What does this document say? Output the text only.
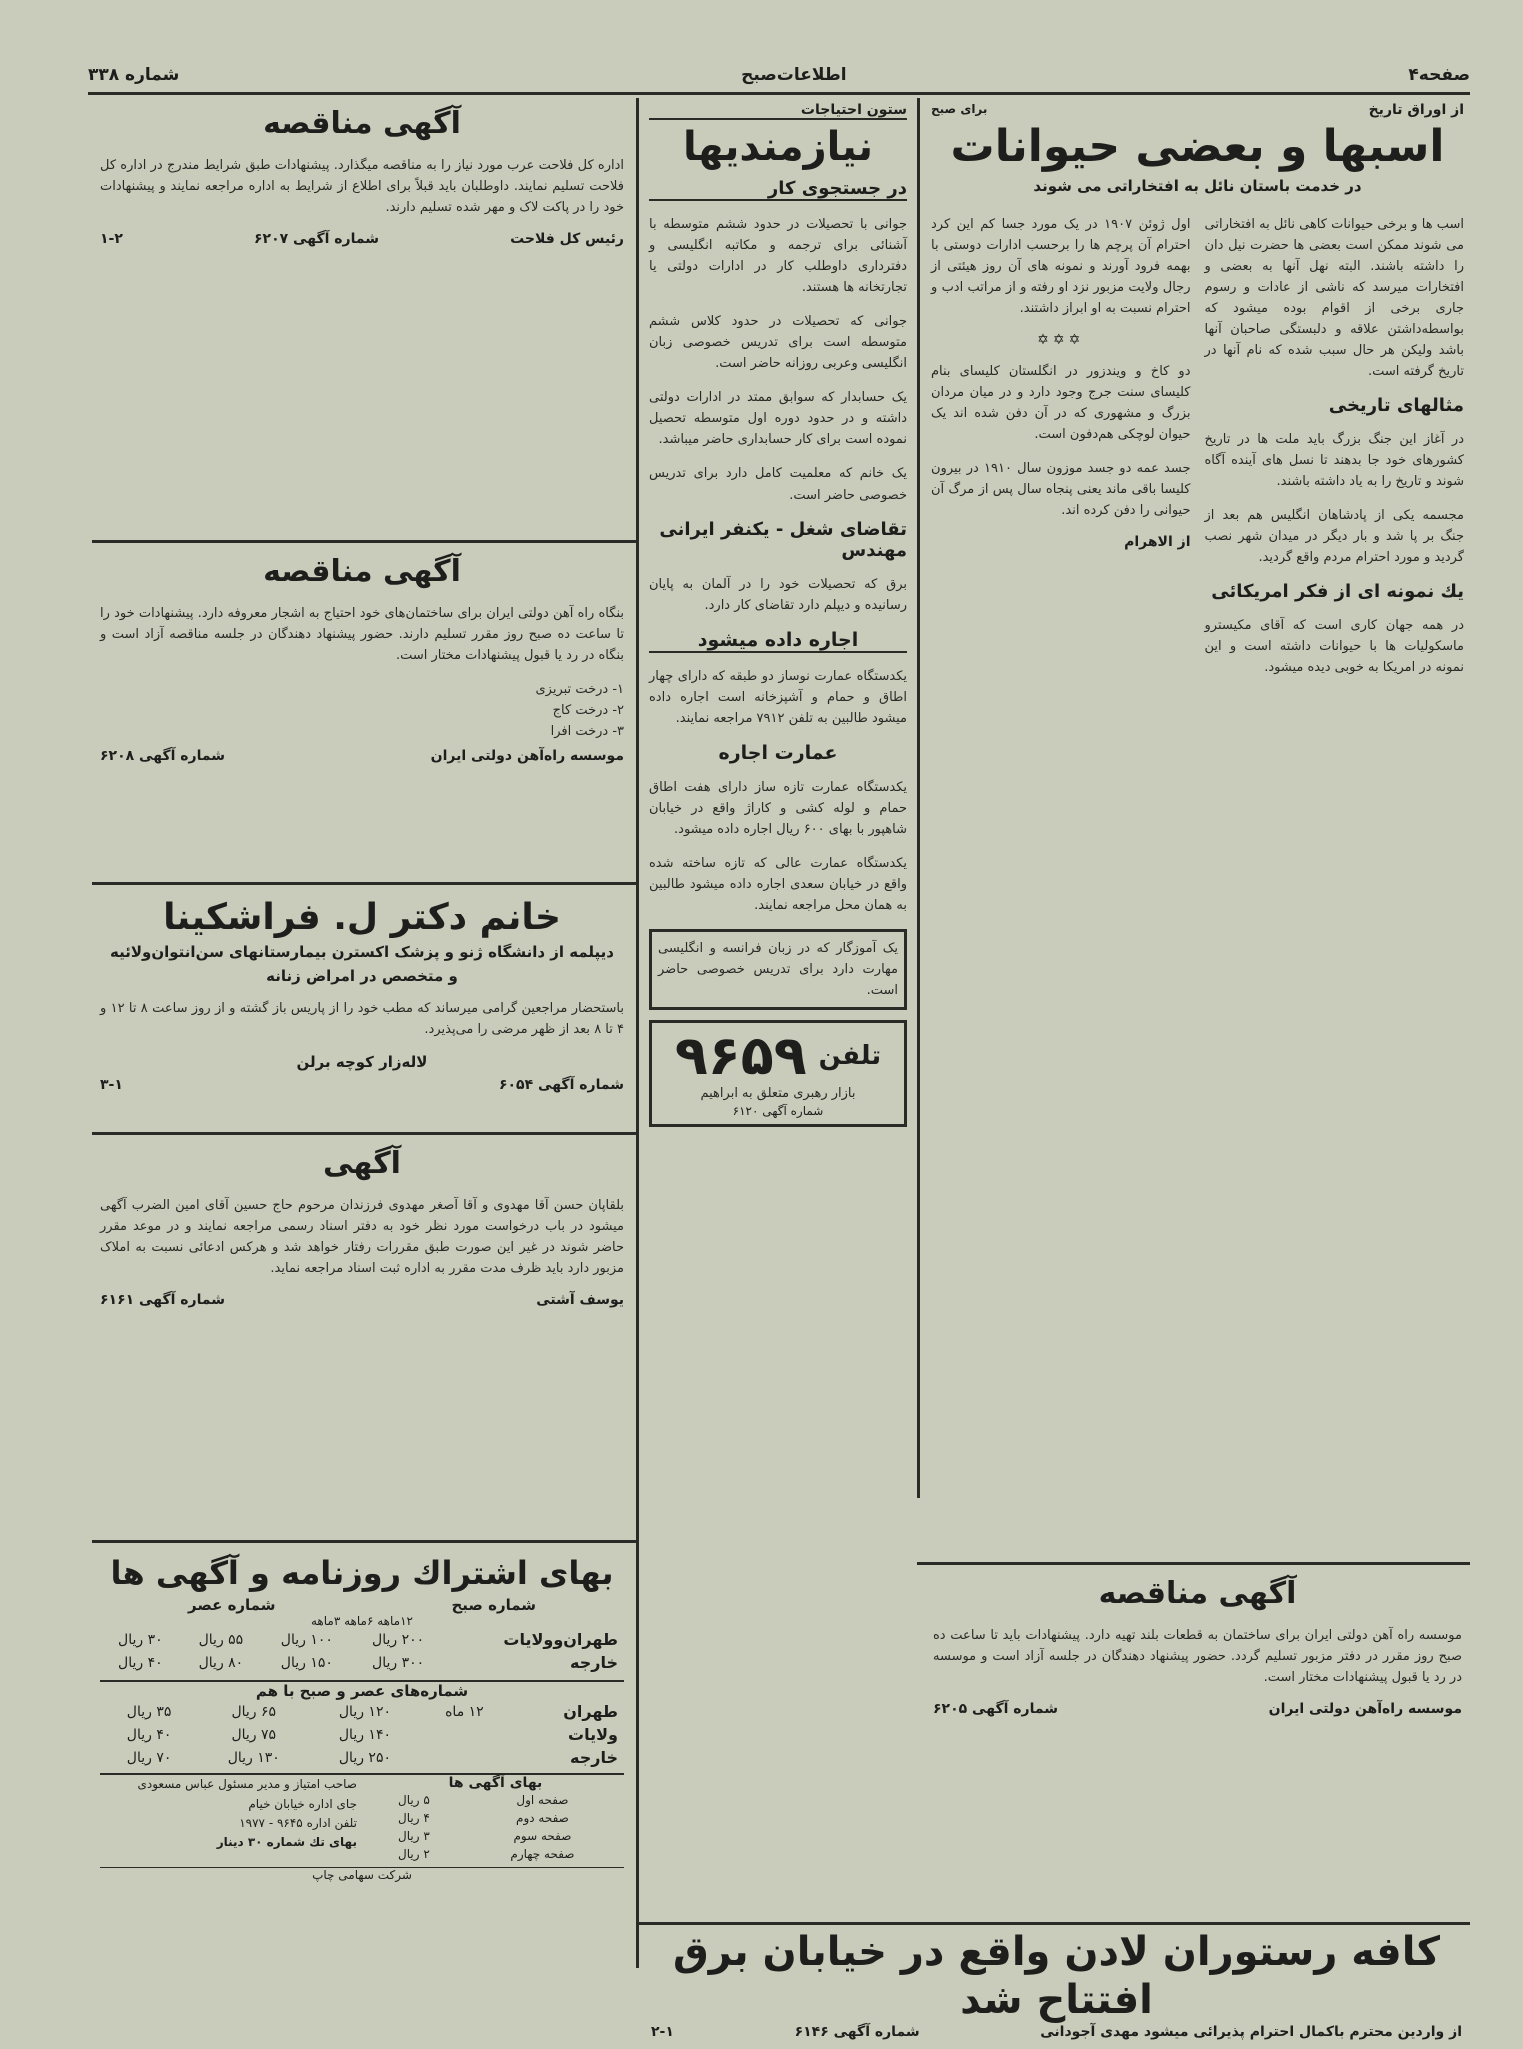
صفحه۴
اطلاعات‌صبح
شماره ۳۳۸
از اوراق تاریخ
برای صبح
اسبها و بعضی حیوانات
در خدمت باستان نائل به افتخاراتی می شوند

اسب ها و برخی حیوانات کاهی نائل به افتخاراتی می شوند ممکن است بعضی ها حضرت نیل دان را داشته باشند. البته نهل آنها به بعضی و افتخارات میرسد که ناشی از عادات و رسوم جاری برخی از اقوام بوده میشود که بواسطه‌داشتن علاقه و دلبستگی صاحبان آنها باشد ولیکن هر حال سبب شده که نام آنها در تاریخ گرفته است.

مثالهای تاریخی

در آغاز این جنگ بزرگ باید ملت ها در تاریخ کشورهای خود جا بدهند تا نسل های آینده آگاه شوند و تاریخ را به یاد داشته باشند.

مجسمه یکی از پادشاهان انگلیس هم بعد از جنگ بر پا شد و بار دیگر در میدان شهر نصب گردید و مورد احترام مردم واقع گردید.

یك نمونه ای از فكر امریکائی

در همه جهان کاری است که آقای مکیسترو ماسکولیات ها با حیوانات داشته است و این نمونه در امریکا به خوبی دیده میشود.

اول ژوئن ۱۹۰۷ در یک مورد جسا کم این کرد احترام آن پرچم ها را برحسب ادارات دوستی با بهمه فرود آورند و نمونه های آن روز هیئتی از رجال ولایت مزبور نزد او رفته و از مراتب ادب و احترام نسبت به او ابراز داشتند.

✡✡✡

دو کاخ و ویندزور در انگلستان کلیسای بنام کلیسای سنت جرج وجود دارد و در میان مردان بزرگ و مشهوری که در آن دفن شده اند یک حیوان لوچکی هم‌دفون است.

جسد عمه دو جسد موزون سال ۱۹۱۰ در بیرون کلیسا باقی ماند یعنی پنجاه سال پس از مرگ آن حیوانی را دفن کرده اند.

از الاهرام
آگهی مناقصه

موسسه راه آهن دولتی ایران برای ساختمان به قطعات بلند تهیه دارد. پیشنهادات باید تا ساعت ده صبح روز مقرر در دفتر مزبور تسلیم گردد. حضور پیشنهاد دهندگان در جلسه آزاد است و موسسه در رد یا قبول پیشنهادات مختار است.

موسسه راه‌آهن دولتی ایران
شماره آگهی ۶۲۰۵
ستون احتیاجات
نیازمندیها
در جستجوی کار

جوانی با تحصیلات در حدود ششم متوسطه با آشنائی برای ترجمه و مکاتبه انگلیسی و دفترداری داوطلب کار در ادارات دولتی یا تجارتخانه ها هستند.

جوانی که تحصیلات در حدود کلاس ششم متوسطه است برای تدریس خصوصی زبان انگلیسی وعربی روزانه حاضر است.

یک حسابدار که سوابق ممتد در ادارات دولتی داشته و در حدود دوره اول متوسطه تحصیل نموده است برای کار حسابداری حاضر میباشد.

یک خانم که معلمیت کامل دارد برای تدریس خصوصی حاضر است.

تقاضای شغل - یکنفر ایرانی مهندس

برق که تحصیلات خود را در آلمان به پایان رسانیده و دیپلم دارد تقاضای کار دارد.

اجاره داده میشود

یکدستگاه عمارت نوساز دو طبقه که دارای چهار اطاق و حمام و آشپزخانه است اجاره داده میشود طالبین به تلفن ۷۹۱۲ مراجعه نمایند.

عمارت اجاره

یکدستگاه عمارت تازه ساز دارای هفت اطاق حمام و لوله کشی و کاراژ واقع در خیابان شاهپور با بهای ۶۰۰ ریال اجاره داده میشود.

یکدستگاه عمارت عالی که تازه ساخته شده واقع در خیابان سعدی اجاره داده میشود طالبین به همان محل مراجعه نمایند.

یک آموزگار که در زبان فرانسه و انگلیسی مهارت دارد برای تدریس خصوصی حاضر است.

تلفن
۹۶۵۹
بازار رهبری متعلق به ابراهیم
شماره آگهی ۶۱۲۰
آگهی مناقصه

اداره کل فلاحت عرب مورد نیاز را به مناقصه میگذارد. پیشنهادات طبق شرایط مندرج در اداره کل فلاحت تسلیم نمایند. داوطلبان باید قبلاً برای اطلاع از شرایط به اداره مراجعه نمایند و پیشنهادات خود را در پاکت لاک و مهر شده تسلیم دارند.

رئیس کل فلاحت
شماره آگهی ۶۲۰۷
۱-۲
آگهی مناقصه

بنگاه راه آهن دولتی ایران برای ساختمان‌های خود احتیاج به اشجار معروفه دارد. پیشنهادات خود را تا ساعت ده صبح روز مقرر تسلیم دارند. حضور پیشنهاد دهندگان در جلسه مناقصه آزاد است و بنگاه در رد یا قبول پیشنهادات مختار است.

۱- درخت تبریزی
۲- درخت کاج
۳- درخت افرا
موسسه راه‌آهن دولتی ایران
شماره آگهی ۶۲۰۸
خانم دکتر ل. فراشکینا
دیپلمه از دانشگاه ژنو و پزشک اکسترن بیمارستانهای سن‌انتوان‌ولائیه
و متخصص در امراض زنانه

باستحضار مراجعین گرامی میرساند که مطب خود را از پاریس باز گشته و از روز ساعت ۸ تا ۱۲ و ۴ تا ۸ بعد از ظهر مرضی را می‌پذیرد.

لاله‌زار کوچه برلن
شماره آگهی ۶۰۵۴
۳-۱
آگهی

بلقاپان حسن آقا مهدوی و آقا آصغر مهدوی فرزندان مرحوم حاج حسین آقای امین الضرب آگهی میشود در باب درخواست مورد نظر خود به دفتر اسناد رسمی مراجعه نمایند و در موعد مقرر حاضر شوند در غیر این صورت طبق مقررات رفتار خواهد شد و هرکس ادعائی نسبت به املاک مزبور دارد باید ظرف مدت مقرر به اداره ثبت اسناد مراجعه نماید.

یوسف آشتی
شماره آگهی ۶۱۶۱
بهای اشتراك روزنامه و آگهی ها
شماره صبح
شماره عصر
۱۲ماهه ۶ماهه ۳ماهه
طهران‌وولایات	۲۰۰ ریال	۱۰۰ ریال	۵۵ ریال	۳۰ ریال
خارجه	۳۰۰ ریال	۱۵۰ ریال	۸۰ ریال	۴۰ ریال
شماره‌های عصر و صبح با هم
طهران	۱۲ ماه	۱۲۰ ریال	۶۵ ریال	۳۵ ریال
ولایات		۱۴۰ ریال	۷۵ ریال	۴۰ ریال
خارجه		۲۵۰ ریال	۱۳۰ ریال	۷۰ ریال
بهای آگهی ها
صفحه اول	۵ ریال
صفحه دوم	۴ ریال
صفحه سوم	۳ ریال
صفحه چهارم	۲ ریال
صاحب امتیاز و مدیر مسئول عباس مسعودی
جای اداره خیابان خیام
تلفن اداره ۹۶۴۵ - ۱۹۷۷
بهای تك شماره ۳۰ دینار
شرکت سهامی چاپ
کافه رستوران لادن واقع در خیابان برق افتتاح شد
از واردین محترم باکمال احترام پذیرائی میشود مهدی آجودانی
شماره آگهی ۶۱۴۶
۲-۱
